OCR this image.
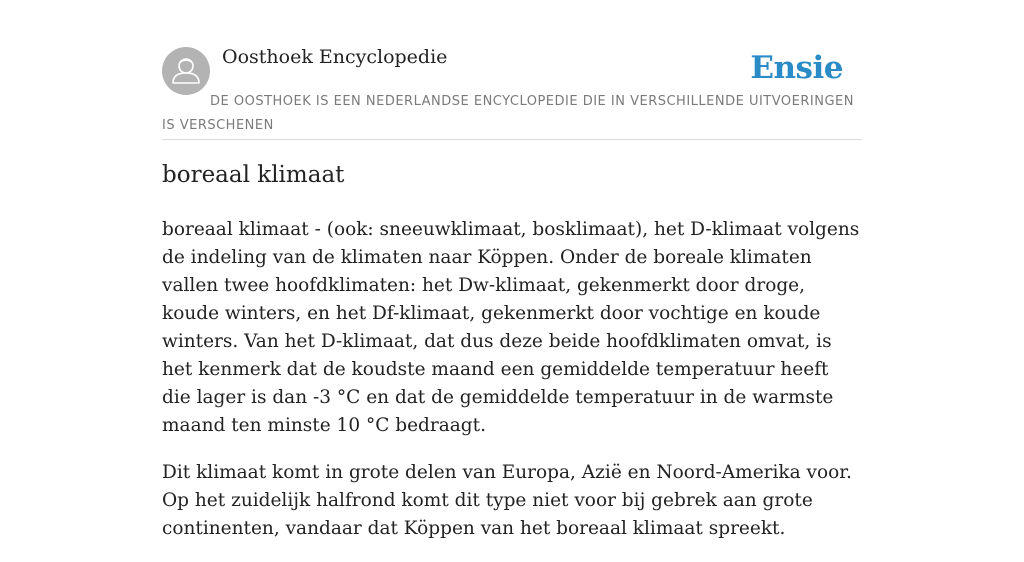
Oosthoek Encyclopedie	Ensie
DE OOSTHOEK IS EEN NEDERLANDSE ENCYCLOPEDIE DIE IN VERSCHILLENDE UITVOERINGEN IS VERSCHENEN
boreaal klimaat

boreaal klimaat - (ook: sneeuwklimaat, bosklimaat), het D-klimaat volgens de indeling van de klimaten naar Köppen. Onder de boreale klimaten vallen twee hoofdklimaten: het Dw-klimaat, gekenmerkt door droge, koude winters, en het Df-klimaat, gekenmerkt door vochtige en koude winters. Van het D-klimaat, dat dus deze beide hoofdklimaten omvat, is het kenmerk dat de koudste maand een gemiddelde temperatuur heeft die lager is dan -3 °C en dat de gemiddelde temperatuur in de warmste maand ten minste 10 °C bedraagt.

Dit klimaat komt in grote delen van Europa, Azië en Noord-Amerika voor. Op het zuidelijk halfrond komt dit type niet voor bij gebrek aan grote continenten, vandaar dat Köppen van het boreaal klimaat spreekt.
